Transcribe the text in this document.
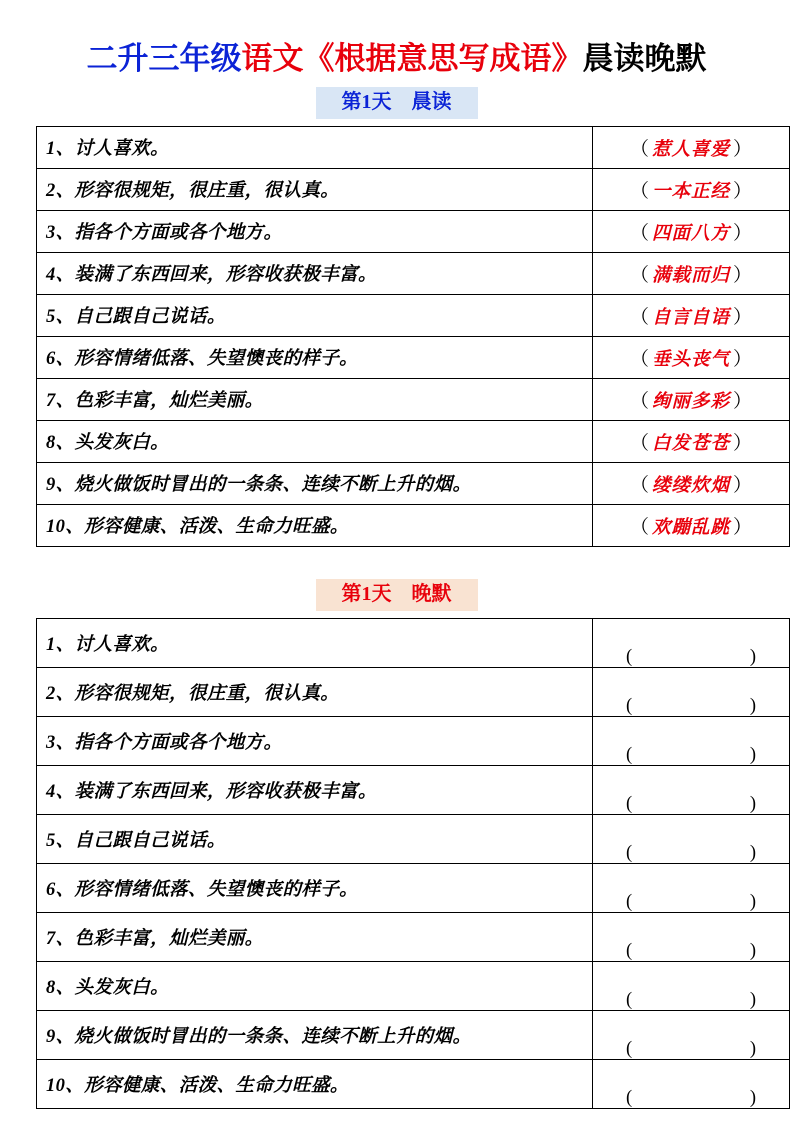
二升三年级语文《根据意思写成语》晨读晚默
第1天    晨读
1、讨人喜欢。	（ 惹人喜爱 ）
2、形容很规矩，很庄重，很认真。	（ 一本正经 ）
3、指各个方面或各个地方。	（ 四面八方 ）
4、装满了东西回来，形容收获极丰富。	（ 满载而归 ）
5、自己跟自己说话。	（ 自言自语 ）
6、形容情绪低落、失望懊丧的样子。	（ 垂头丧气 ）
7、色彩丰富，灿烂美丽。	（ 绚丽多彩 ）
8、头发灰白。	（ 白发苍苍 ）
9、烧火做饭时冒出的一条条、连续不断上升的烟。	（ 缕缕炊烟 ）
10、形容健康、活泼、生命力旺盛。	（ 欢蹦乱跳 ）
第1天    晚默
1、讨人喜欢。	( )

2、形容很规矩，很庄重，很认真。	( )

3、指各个方面或各个地方。	( )

4、装满了东西回来，形容收获极丰富。	( )

5、自己跟自己说话。	( )

6、形容情绪低落、失望懊丧的样子。	( )

7、色彩丰富，灿烂美丽。	( )

8、头发灰白。	( )

9、烧火做饭时冒出的一条条、连续不断上升的烟。	( )

10、形容健康、活泼、生命力旺盛。	( )
